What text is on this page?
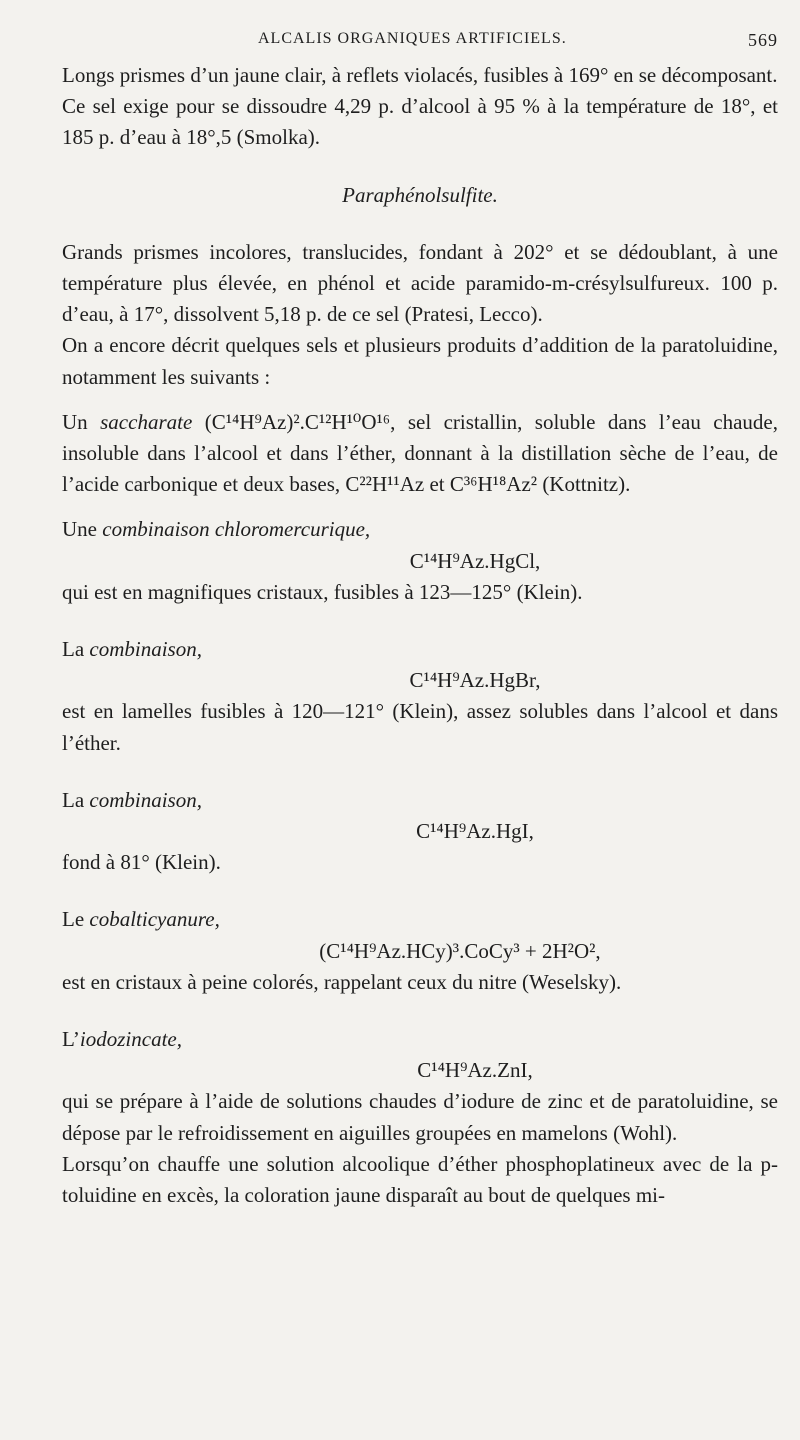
ALCALIS ORGANIQUES ARTIFICIELS.	569

Longs prismes d’un jaune clair, à reflets violacés, fusibles à 169° en se décomposant.

Ce sel exige pour se dissoudre 4,29 p. d’alcool à 95 % à la température de 18°, et 185 p. d’eau à 18°,5 (Smolka).

Paraphénolsulfite.

Grands prismes incolores, translucides, fondant à 202° et se dédoublant, à une température plus élevée, en phénol et acide paramido-m-crésylsulfureux. 100 p. d’eau, à 17°, dissolvent 5,18 p. de ce sel (Pratesi, Lecco).

On a encore décrit quelques sels et plusieurs produits d’addition de la paratoluidine, notamment les suivants :

Un saccharate (C¹⁴H⁹Az)².C¹²H¹⁰O¹⁶, sel cristallin, soluble dans l’eau chaude, insoluble dans l’alcool et dans l’éther, donnant à la distillation sèche de l’eau, de l’acide carbonique et deux bases, C²²H¹¹Az et C³⁶H¹⁸Az² (Kottnitz).

Une combinaison chloromercurique,

C¹⁴H⁹Az.HgCl,

qui est en magnifiques cristaux, fusibles à 123—125° (Klein).

La combinaison,

C¹⁴H⁹Az.HgBr,

est en lamelles fusibles à 120—121° (Klein), assez solubles dans l’alcool et dans l’éther.

La combinaison,

C¹⁴H⁹Az.HgI,

fond à 81° (Klein).

Le cobalticyanure,

(C¹⁴H⁹Az.HCy)³.CoCy³ + 2H²O²,

est en cristaux à peine colorés, rappelant ceux du nitre (Weselsky).

L’iodozincate,

C¹⁴H⁹Az.ZnI,

qui se prépare à l’aide de solutions chaudes d’iodure de zinc et de paratoluidine, se dépose par le refroidissement en aiguilles groupées en mamelons (Wohl).

Lorsqu’on chauffe une solution alcoolique d’éther phosphoplatineux avec de la p-toluidine en excès, la coloration jaune disparaît au bout de quelques mi-
